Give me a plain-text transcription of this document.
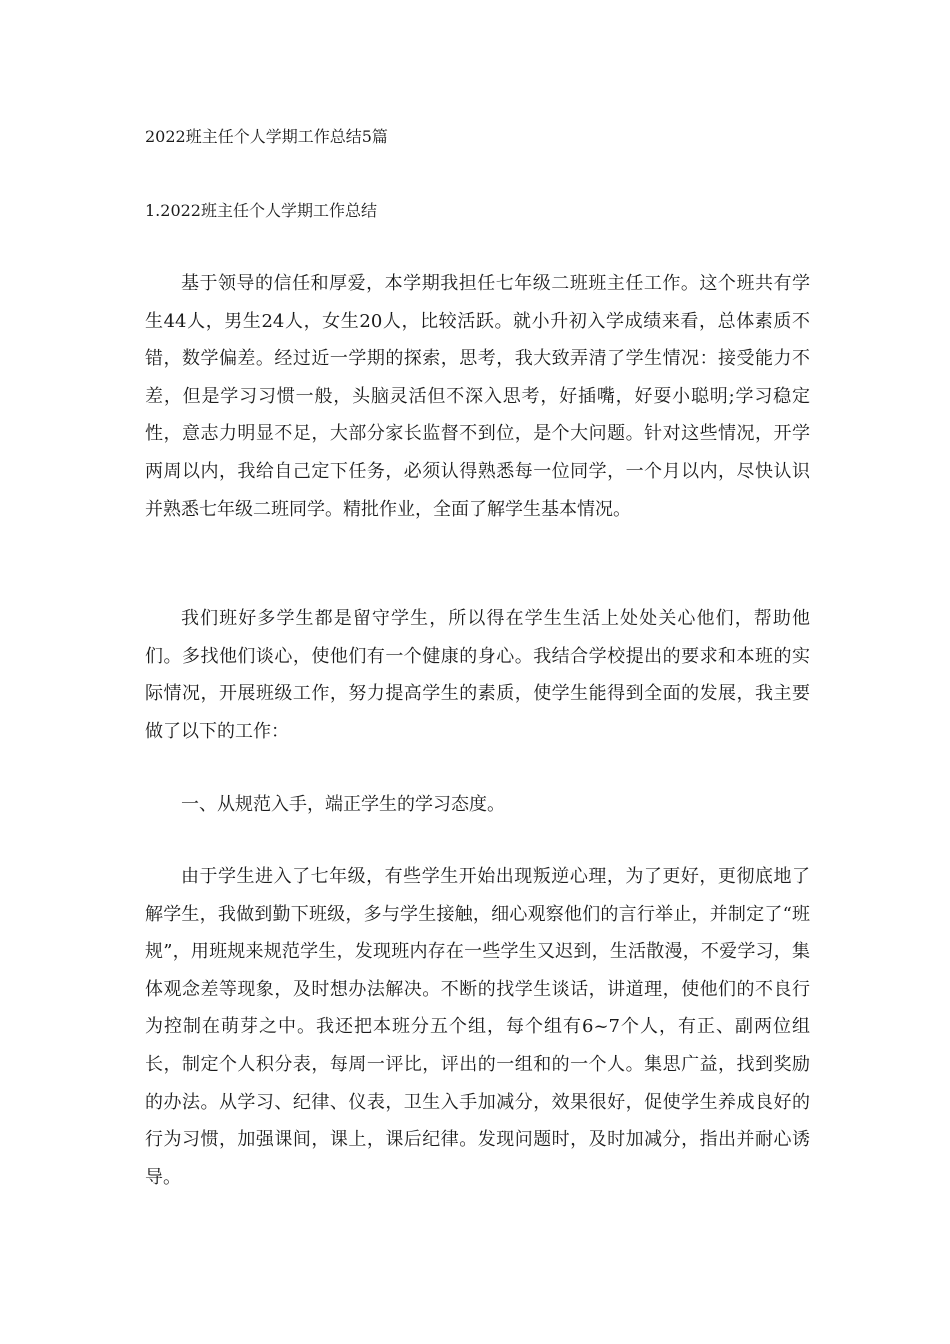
2022班主任个人学期工作总结5篇
1.2022班主任个人学期工作总结

基于领导的信任和厚爱，本学期我担任七年级二班班主任工作。这个班共有学生44人，男生24人，女生20人，比较活跃。就小升初入学成绩来看，总体素质不错，数学偏差。经过近一学期的探索，思考，我大致弄清了学生情况：接受能力不差，但是学习习惯一般，头脑灵活但不深入思考，好插嘴，好耍小聪明;学习稳定性，意志力明显不足，大部分家长监督不到位，是个大问题。针对这些情况，开学两周以内，我给自己定下任务，必须认得熟悉每一位同学，一个月以内，尽快认识并熟悉七年级二班同学。精批作业，全面了解学生基本情况。

我们班好多学生都是留守学生，所以得在学生生活上处处关心他们，帮助他们。多找他们谈心，使他们有一个健康的身心。我结合学校提出的要求和本班的实际情况，开展班级工作，努力提高学生的素质，使学生能得到全面的发展，我主要做了以下的工作：

一、从规范入手，端正学生的学习态度。

由于学生进入了七年级，有些学生开始出现叛逆心理，为了更好，更彻底地了解学生，我做到勤下班级，多与学生接触，细心观察他们的言行举止，并制定了“班规”，用班规来规范学生，发现班内存在一些学生又迟到，生活散漫，不爱学习，集体观念差等现象，及时想办法解决。不断的找学生谈话，讲道理，使他们的不良行为控制在萌芽之中。我还把本班分五个组，每个组有6~7个人，有正、副两位组长，制定个人积分表，每周一评比，评出的一组和的一个人。集思广益，找到奖励的办法。从学习、纪律、仪表，卫生入手加减分，效果很好，促使学生养成良好的行为习惯，加强课间，课上，课后纪律。发现问题时，及时加减分，指出并耐心诱导。
